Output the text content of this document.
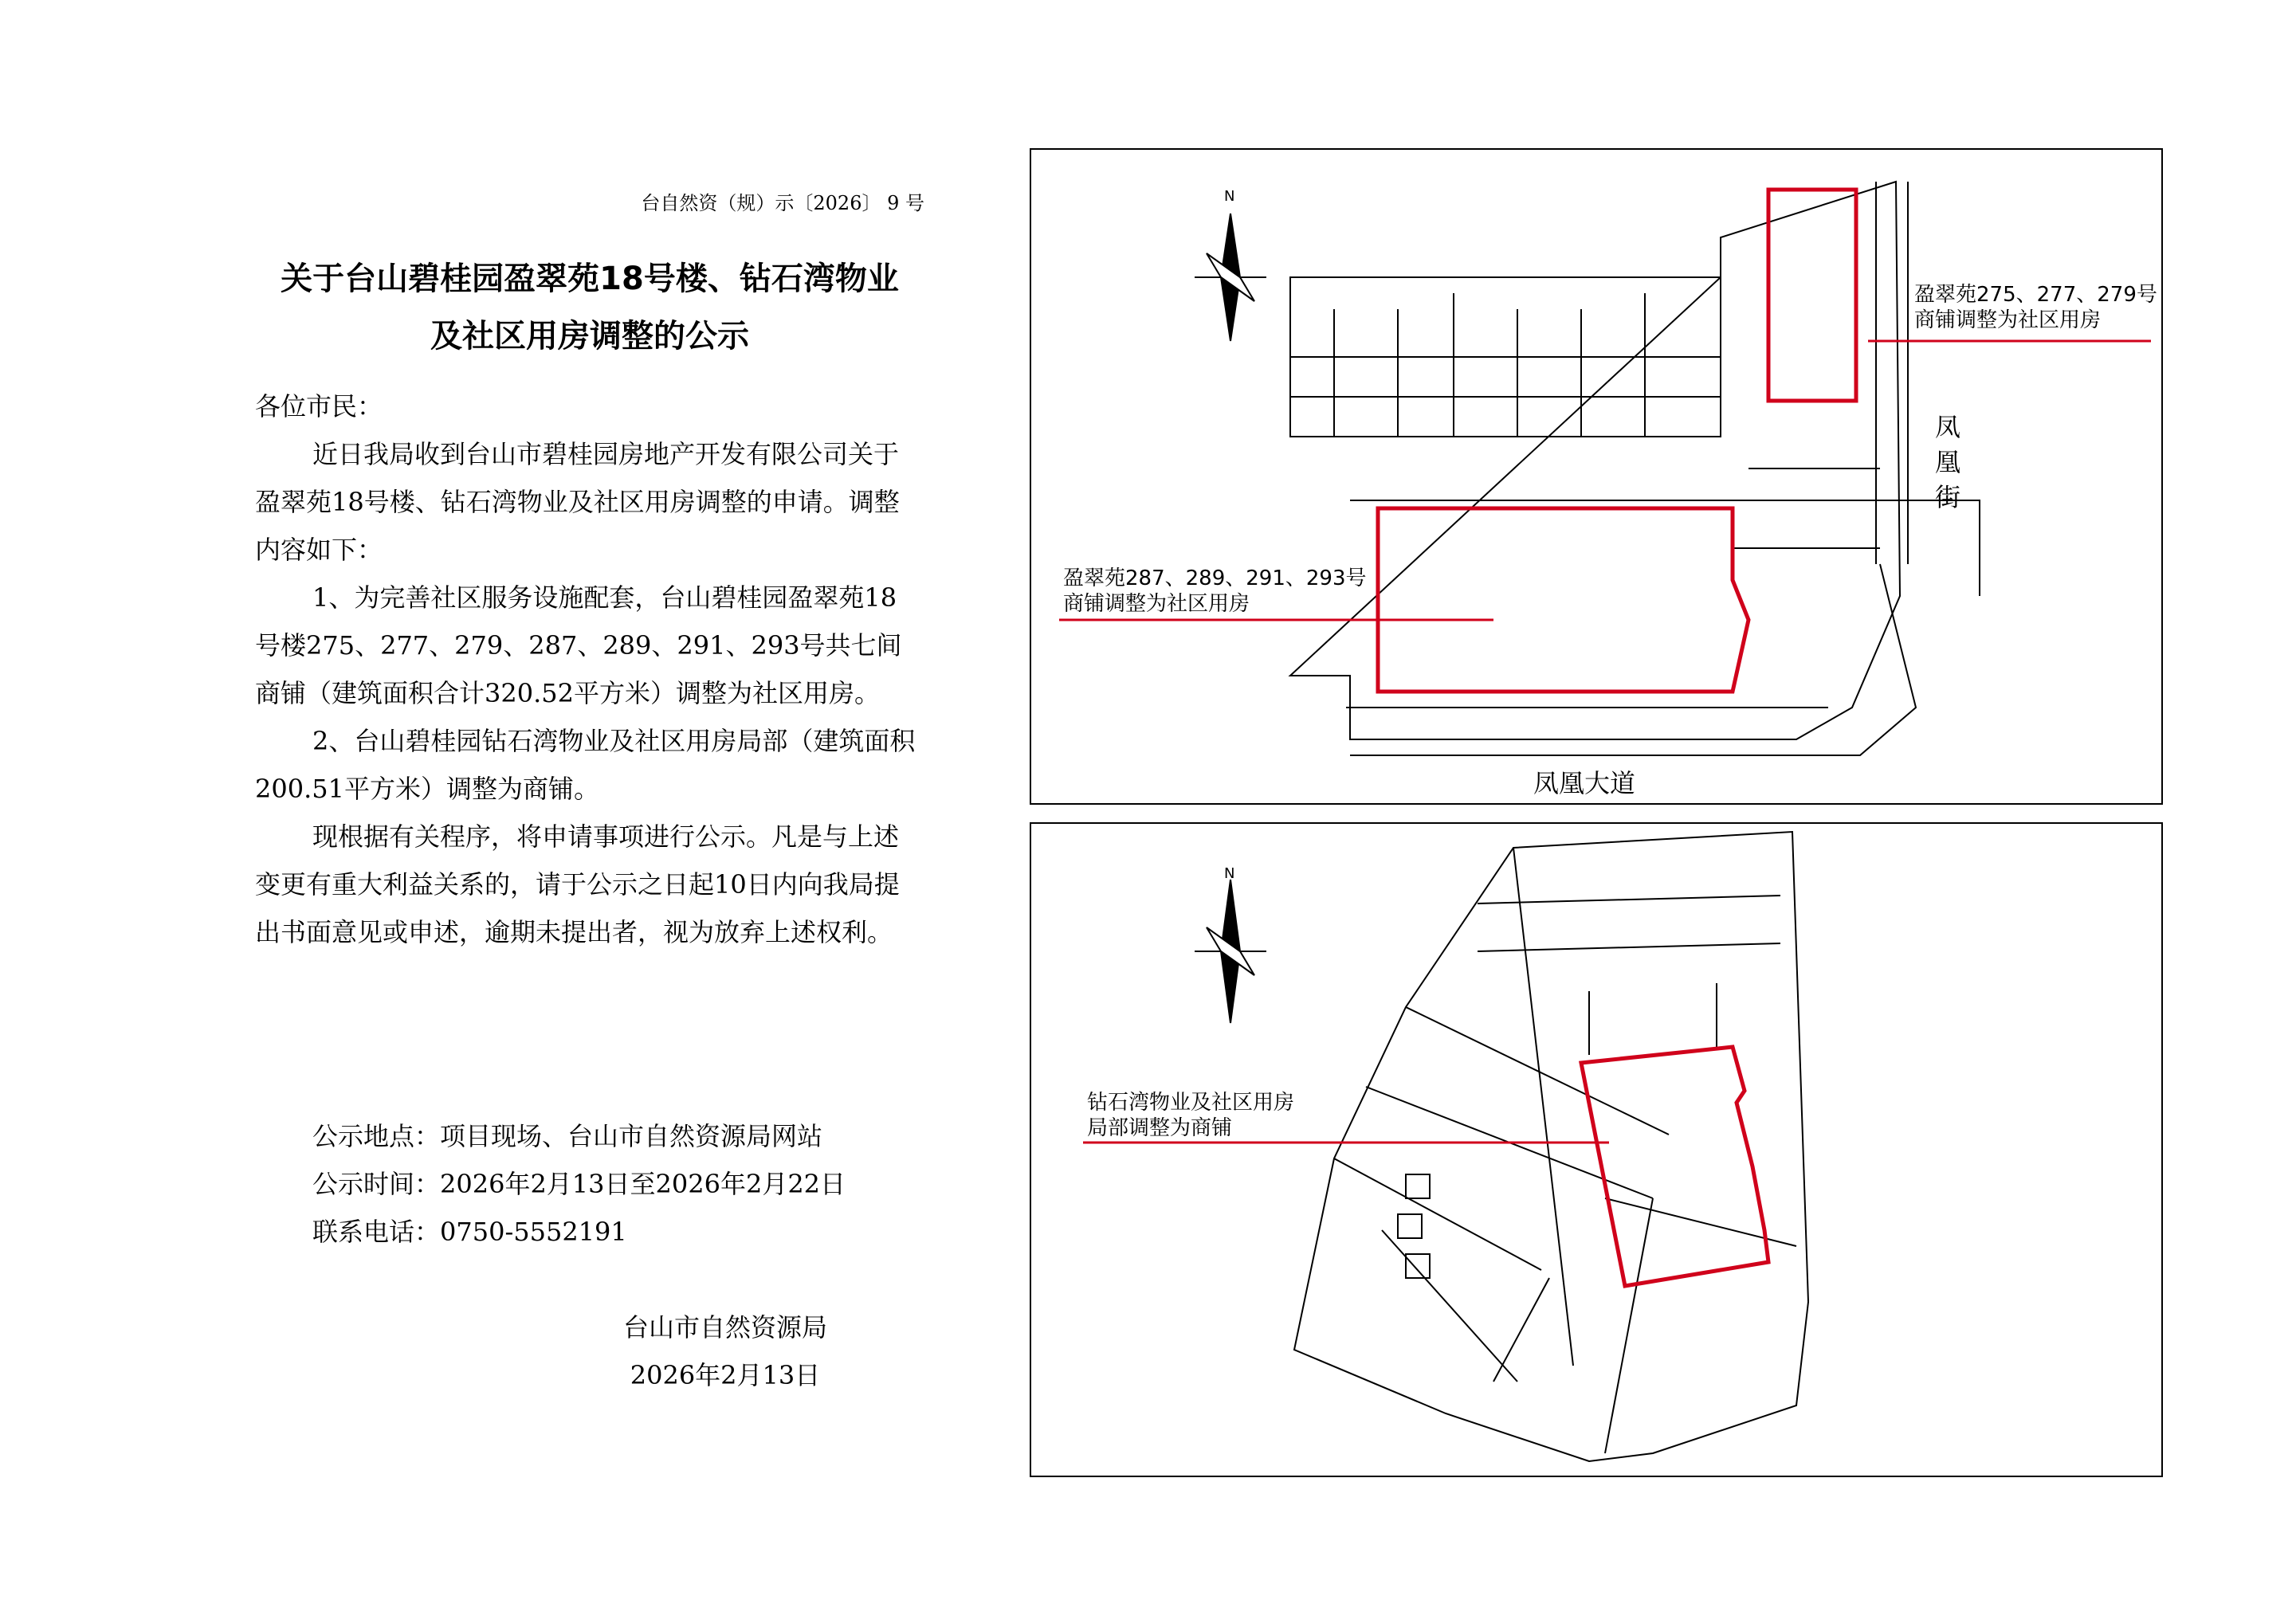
台自然资（规）示〔2026〕 9 号
关于台山碧桂园盈翠苑18号楼、钻石湾物业
及社区用房调整的公示

各位市民：

近日我局收到台山市碧桂园房地产开发有限公司关于盈翠苑18号楼、钻石湾物业及社区用房调整的申请。调整内容如下：

1、为完善社区服务设施配套，台山碧桂园盈翠苑18号楼275、277、279、287、289、291、293号共七间商铺（建筑面积合计320.52平方米）调整为社区用房。

2、台山碧桂园钻石湾物业及社区用房局部（建筑面积200.51平方米）调整为商铺。

现根据有关程序，将申请事项进行公示。凡是与上述变更有重大利益关系的，请于公示之日起10日内向我局提出书面意见或申述，逾期未提出者，视为放弃上述权利。

公示地点：项目现场、台山市自然资源局网站
公示时间：2026年2月13日至2026年2月22日
联系电话：0750-5552191
台山市自然资源局
2026年2月13日
N
盈翠苑275、277、279号
商铺调整为社区用房
盈翠苑287、289、291、293号
商铺调整为社区用房
凤凰街
凤凰大道
N
钻石湾物业及社区用房
局部调整为商铺
